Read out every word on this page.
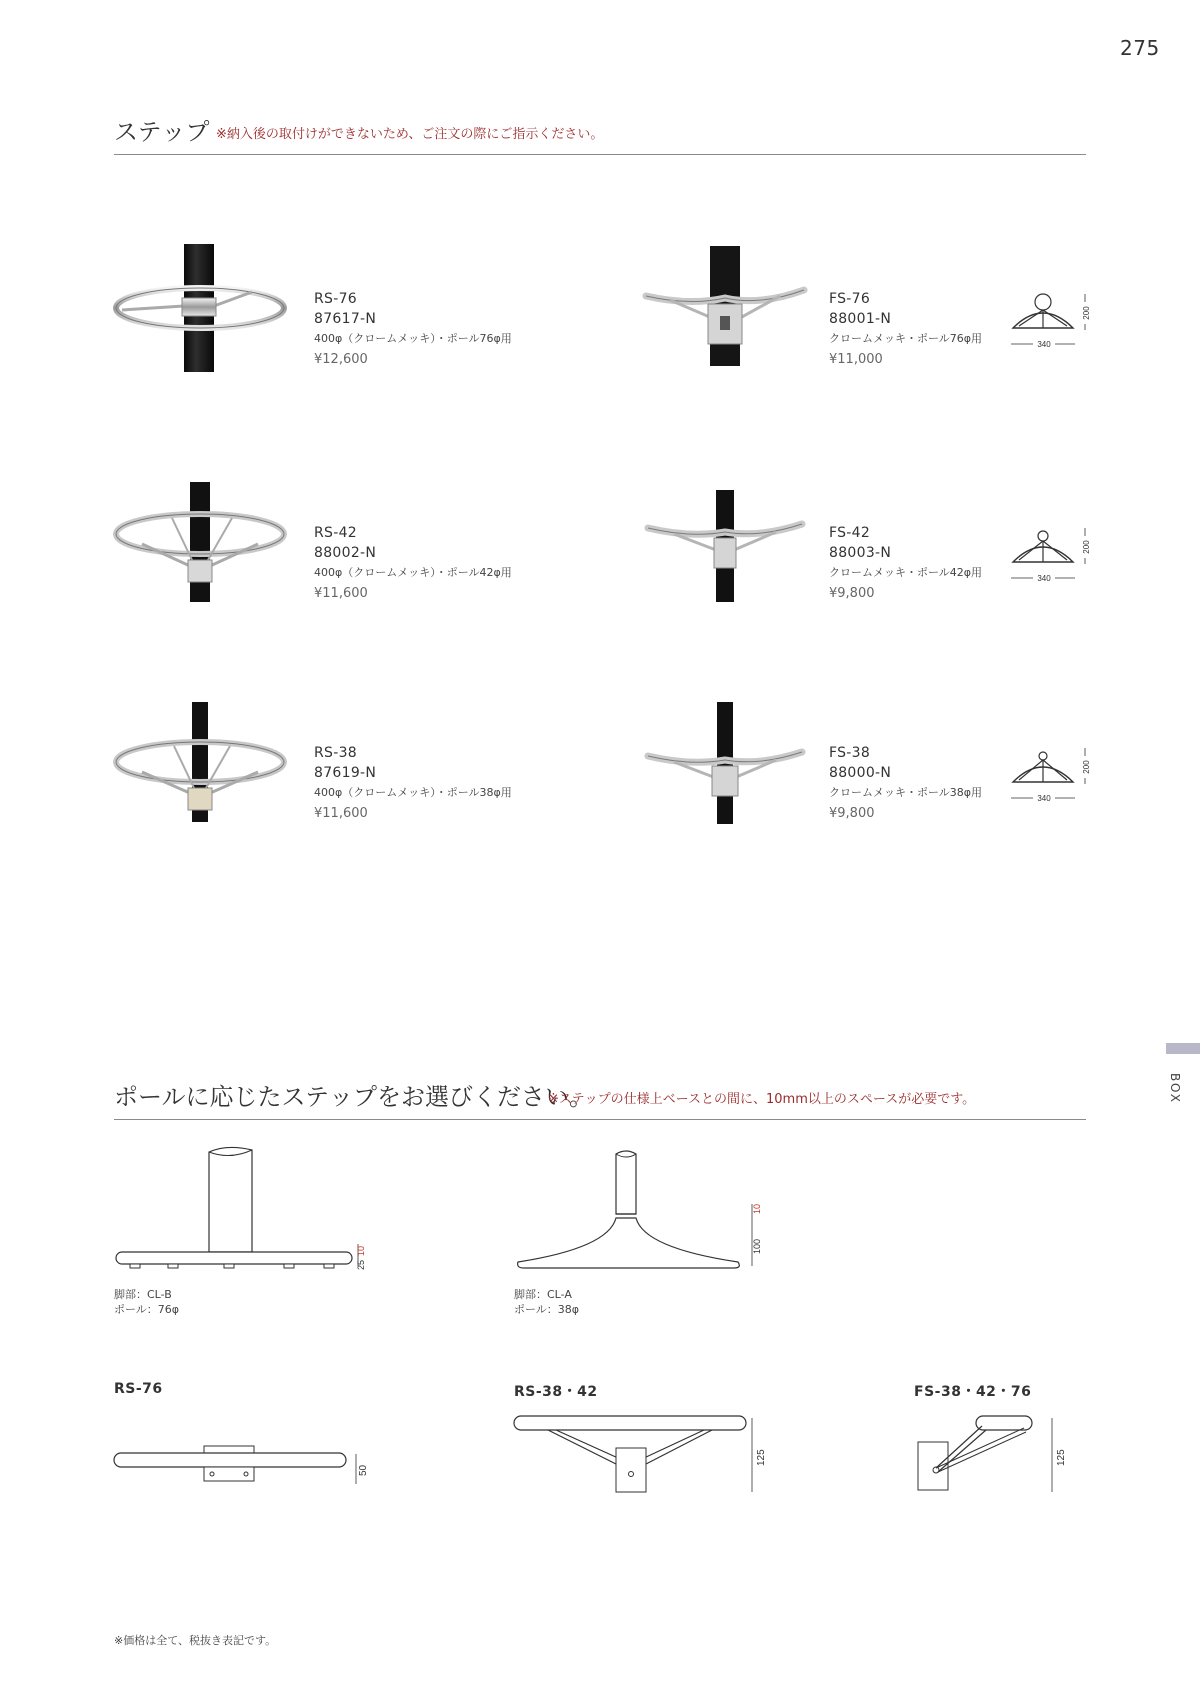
275
ステップ ※納入後の取付けができないため、ご注文の際にご指示ください。
RS-76
87617-N
400φ（クロームメッキ）・ポール76φ用
¥12,600
FS-76
88001-N
クロームメッキ・ポール76φ用
¥11,000
RS-42
88002-N
400φ（クロームメッキ）・ポール42φ用
¥11,600
FS-42
88003-N
クロームメッキ・ポール42φ用
¥9,800
RS-38
87619-N
400φ（クロームメッキ）・ポール38φ用
¥11,600
FS-38
88000-N
クロームメッキ・ポール38φ用
¥9,800
340
200
340
200
340
200
BOX
ポールに応じたステップをお選びください。
※ステップの仕様上ベースとの間に、10mm以上のスペースが必要です。
25
10
脚部：CL-B
ポール：76φ
100
10
脚部：CL-A
ポール：38φ
RS-76
50
RS-38・42
125
FS-38・42・76
125
※価格は全て、税抜き表記です。
